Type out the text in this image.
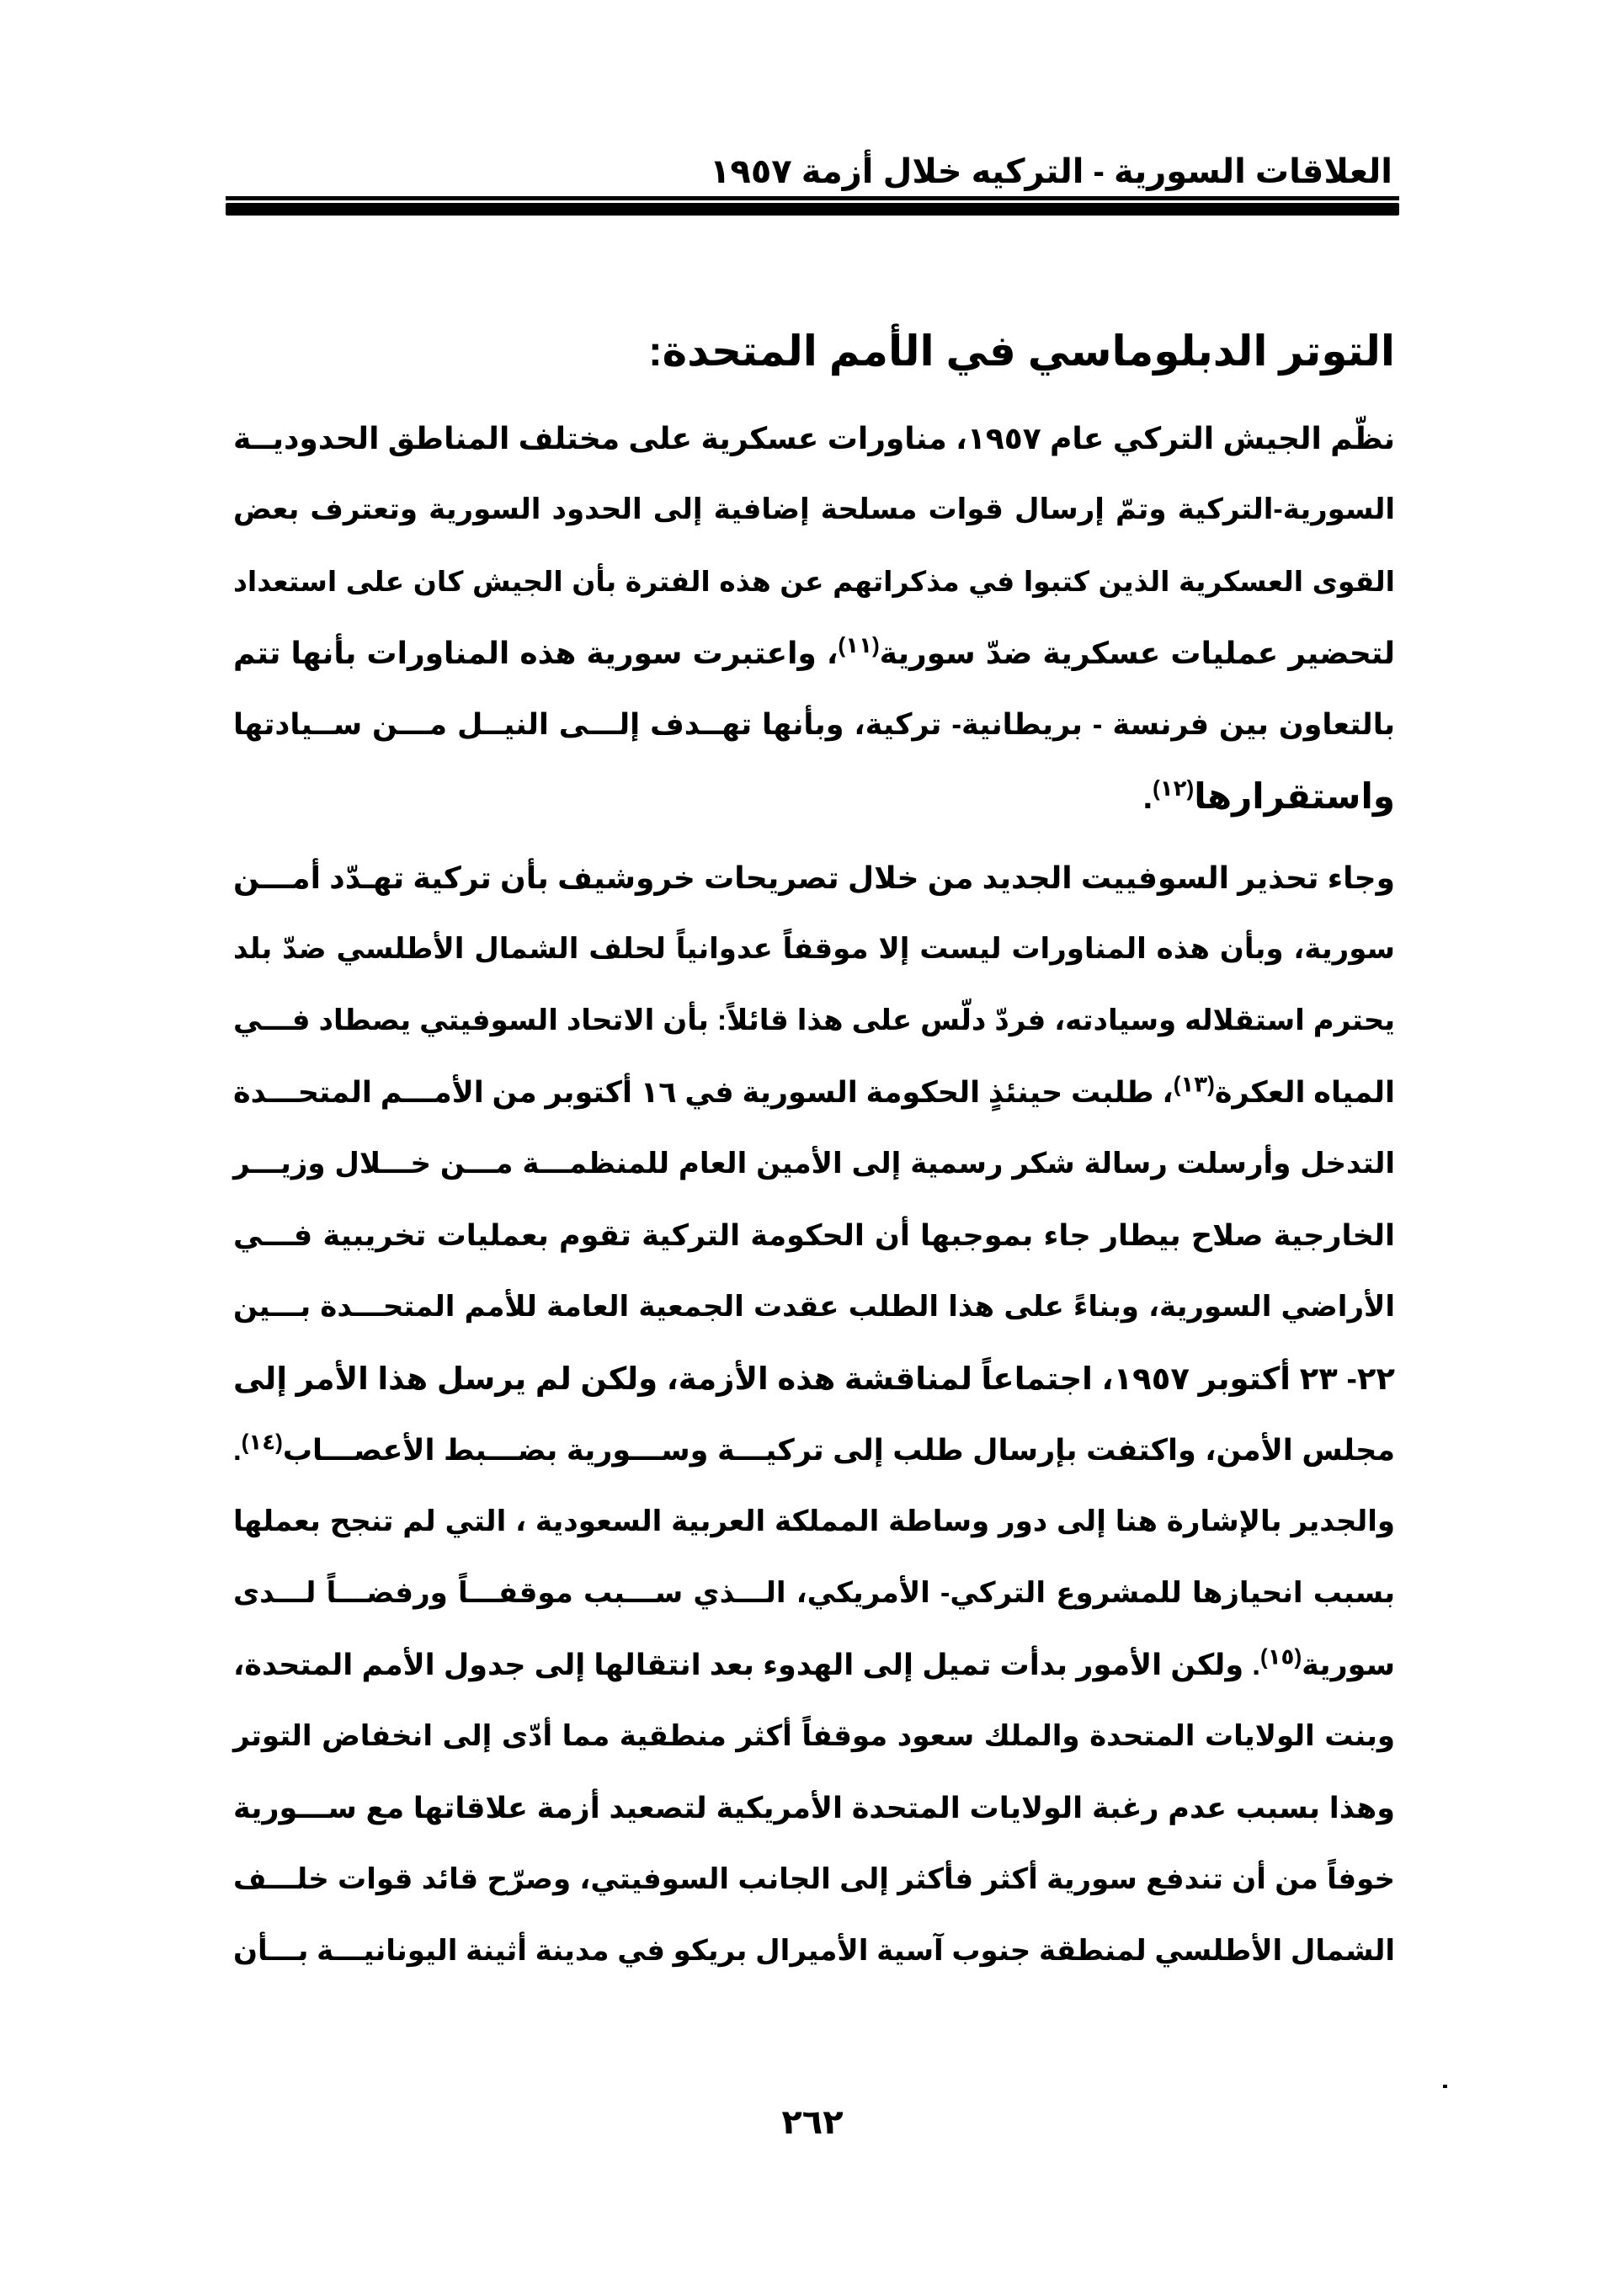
العلاقات السورية - التركيه خلال أزمة ١٩٥٧
التوتر الدبلوماسي في الأمم المتحدة:
نظّم الجيش التركي عام ١٩٥٧، مناورات عسكرية على مختلف المناطق الحدوديــة
السورية-التركية وتمّ إرسال قوات مسلحة إضافية إلى الحدود السورية وتعترف بعض
القوى العسكرية الذين كتبوا في مذكراتهم عن هذه الفترة بأن الجيش كان على استعداد
لتحضير عمليات عسكرية ضدّ سورية$^{(١١)}$، واعتبرت سورية هذه المناورات بأنها تتم
بالتعاون بين فرنسة - بريطانية- تركية، وبأنها تهــدف إلـــى النيــل مـــن ســيادتها
واستقرارها$^{(١٢)}$.
وجاء تحذير السوفييت الجديد من خلال تصريحات خروشيف بأن تركية تهـدّد أمـــن
سورية، وبأن هذه المناورات ليست إلا موقفاً عدوانياً لحلف الشمال الأطلسي ضدّ بلد
يحترم استقلاله وسيادته، فردّ دلّس على هذا قائلاً: بأن الاتحاد السوفيتي يصطاد فـــي
المياه العكرة$^{(١٣)}$، طلبت حينئذٍ الحكومة السورية في ١٦ أكتوبر من الأمـــم المتحـــدة
التدخل وأرسلت رسالة شكر رسمية إلى الأمين العام للمنظمـــة مـــن خـــلال وزيـــر
الخارجية صلاح بيطار جاء بموجبها أن الحكومة التركية تقوم بعمليات تخريبية فـــي
الأراضي السورية، وبناءً على هذا الطلب عقدت الجمعية العامة للأمم المتحـــدة بـــين
٢٢- ٢٣ أكتوبر ١٩٥٧، اجتماعاً لمناقشة هذه الأزمة، ولكن لم يرسل هذا الأمر إلى
مجلس الأمن، واكتفت بإرسال طلب إلى تركيـــة وســـورية بضـــبط الأعصـــاب$^{(١٤)}$.
والجدير بالإشارة هنا إلى دور وساطة المملكة العربية السعودية ، التي لم تنجح بعملها
بسبب انحيازها للمشروع التركي- الأمريكي، الـــذي ســـبب موقفـــاً ورفضـــاً لـــدى
سورية$^{(١٥)}$. ولكن الأمور بدأت تميل إلى الهدوء بعد انتقالها إلى جدول الأمم المتحدة،
وبنت الولايات المتحدة والملك سعود موقفاً أكثر منطقية مما أدّى إلى انخفاض التوتر
وهذا بسبب عدم رغبة الولايات المتحدة الأمريكية لتصعيد أزمة علاقاتها مع ســـورية
خوفاً من أن تندفع سورية أكثر فأكثر إلى الجانب السوفيتي، وصرّح قائد قوات خلـــف
الشمال الأطلسي لمنطقة جنوب آسية الأميرال بريكو في مدينة أثينة اليونانيـــة بـــأن
٢٦٢
